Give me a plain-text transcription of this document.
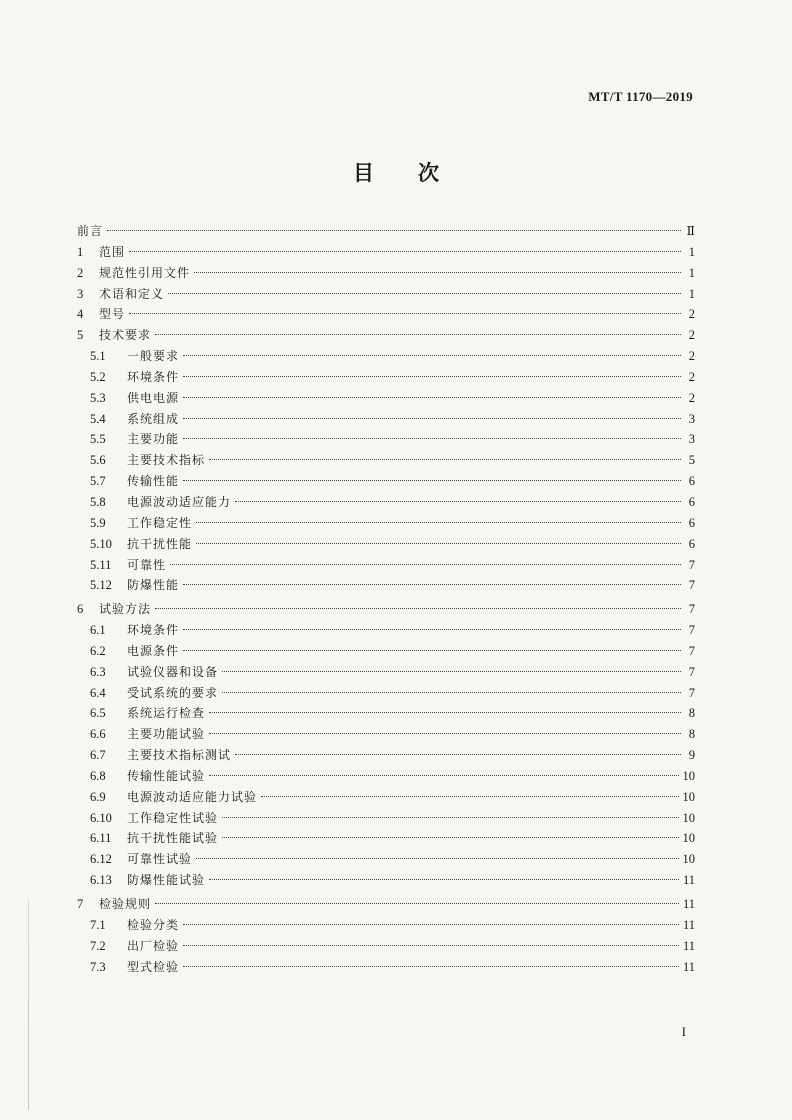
MT/T 1170—2019
目次
前言	Ⅱ
1	范围	1
2	规范性引用文件	1
3	术语和定义	1
4	型号	2
5	技术要求	2
5.1	一般要求	2
5.2	环境条件	2
5.3	供电电源	2
5.4	系统组成	3
5.5	主要功能	3
5.6	主要技术指标	5
5.7	传输性能	6
5.8	电源波动适应能力	6
5.9	工作稳定性	6
5.10	抗干扰性能	6
5.11	可靠性	7
5.12	防爆性能	7
6	试验方法	7
6.1	环境条件	7
6.2	电源条件	7
6.3	试验仪器和设备	7
6.4	受试系统的要求	7
6.5	系统运行检查	8
6.6	主要功能试验	8
6.7	主要技术指标测试	9
6.8	传输性能试验	10
6.9	电源波动适应能力试验	10
6.10	工作稳定性试验	10
6.11	抗干扰性能试验	10
6.12	可靠性试验	10
6.13	防爆性能试验	11
7	检验规则	11
7.1	检验分类	11
7.2	出厂检验	11
7.3	型式检验	11
I
